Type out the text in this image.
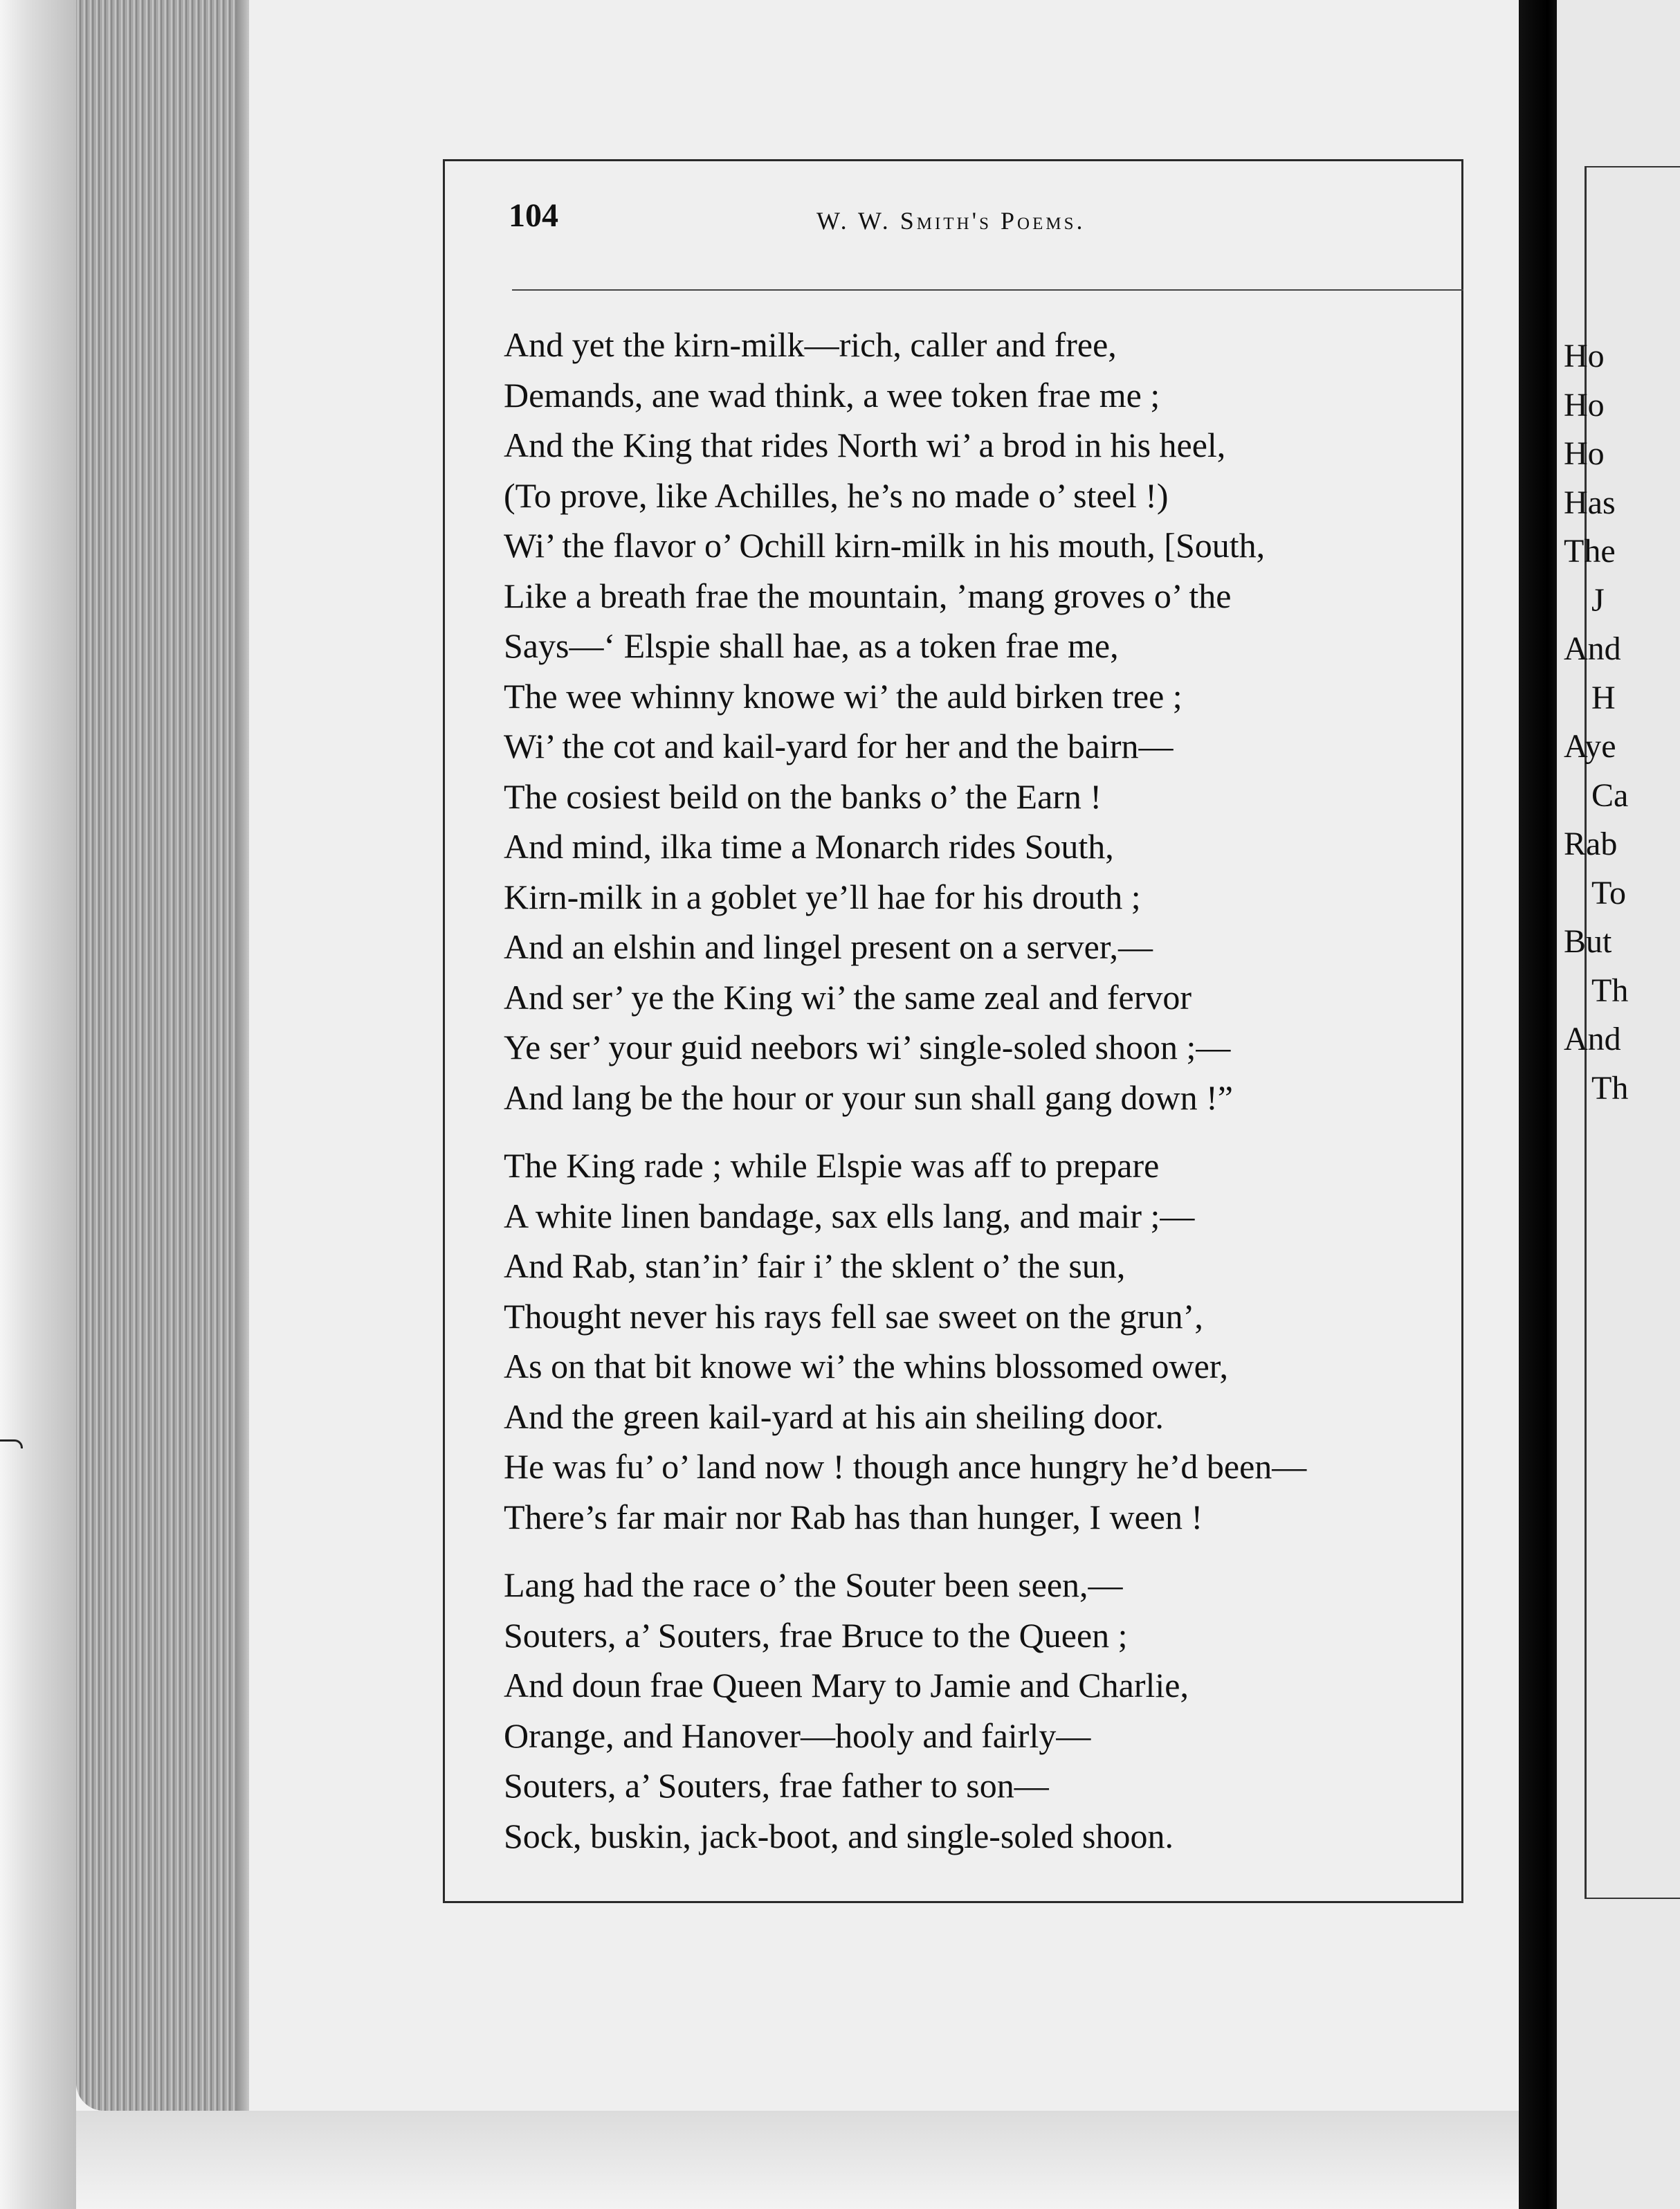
104	W. W. Smith's Poems.
And yet the kirn-milk—rich, caller and free,
Demands, ane wad think, a wee token frae me ;
And the King that rides North wi’ a brod in his heel,
(To prove, like Achilles, he’s no made o’ steel !)
Wi’ the flavor o’ Ochill kirn-milk in his mouth, [South,
Like a breath frae the mountain, ’mang groves o’ the
Says—‘ Elspie shall hae, as a token frae me,
The wee whinny knowe wi’ the auld birken tree ;
Wi’ the cot and kail-yard for her and the bairn—
The cosiest beild on the banks o’ the Earn !
And mind, ilka time a Monarch rides South,
Kirn-milk in a goblet ye’ll hae for his drouth ;
And an elshin and lingel present on a server,—
And ser’ ye the King wi’ the same zeal and fervor
Ye ser’ your guid neebors wi’ single-soled shoon ;—
And lang be the hour or your sun shall gang down !”
The King rade ; while Elspie was aff to prepare
A white linen bandage, sax ells lang, and mair ;—
And Rab, stan’in’ fair i’ the sklent o’ the sun,
Thought never his rays fell sae sweet on the grun’,
As on that bit knowe wi’ the whins blossomed ower,
And the green kail-yard at his ain sheiling door.
He was fu’ o’ land now ! though ance hungry he’d been—
There’s far mair nor Rab has than hunger, I ween !
Lang had the race o’ the Souter been seen,—
Souters, a’ Souters, frae Bruce to the Queen ;
And doun frae Queen Mary to Jamie and Charlie,
Orange, and Hanover—hooly and fairly—
Souters, a’ Souters, frae father to son—
Sock, buskin, jack-boot, and single-soled shoon.
Ho
Ho
Ho
Has
The
J
And
H
Aye
Ca
Rab
To
But
Th
And
Th
